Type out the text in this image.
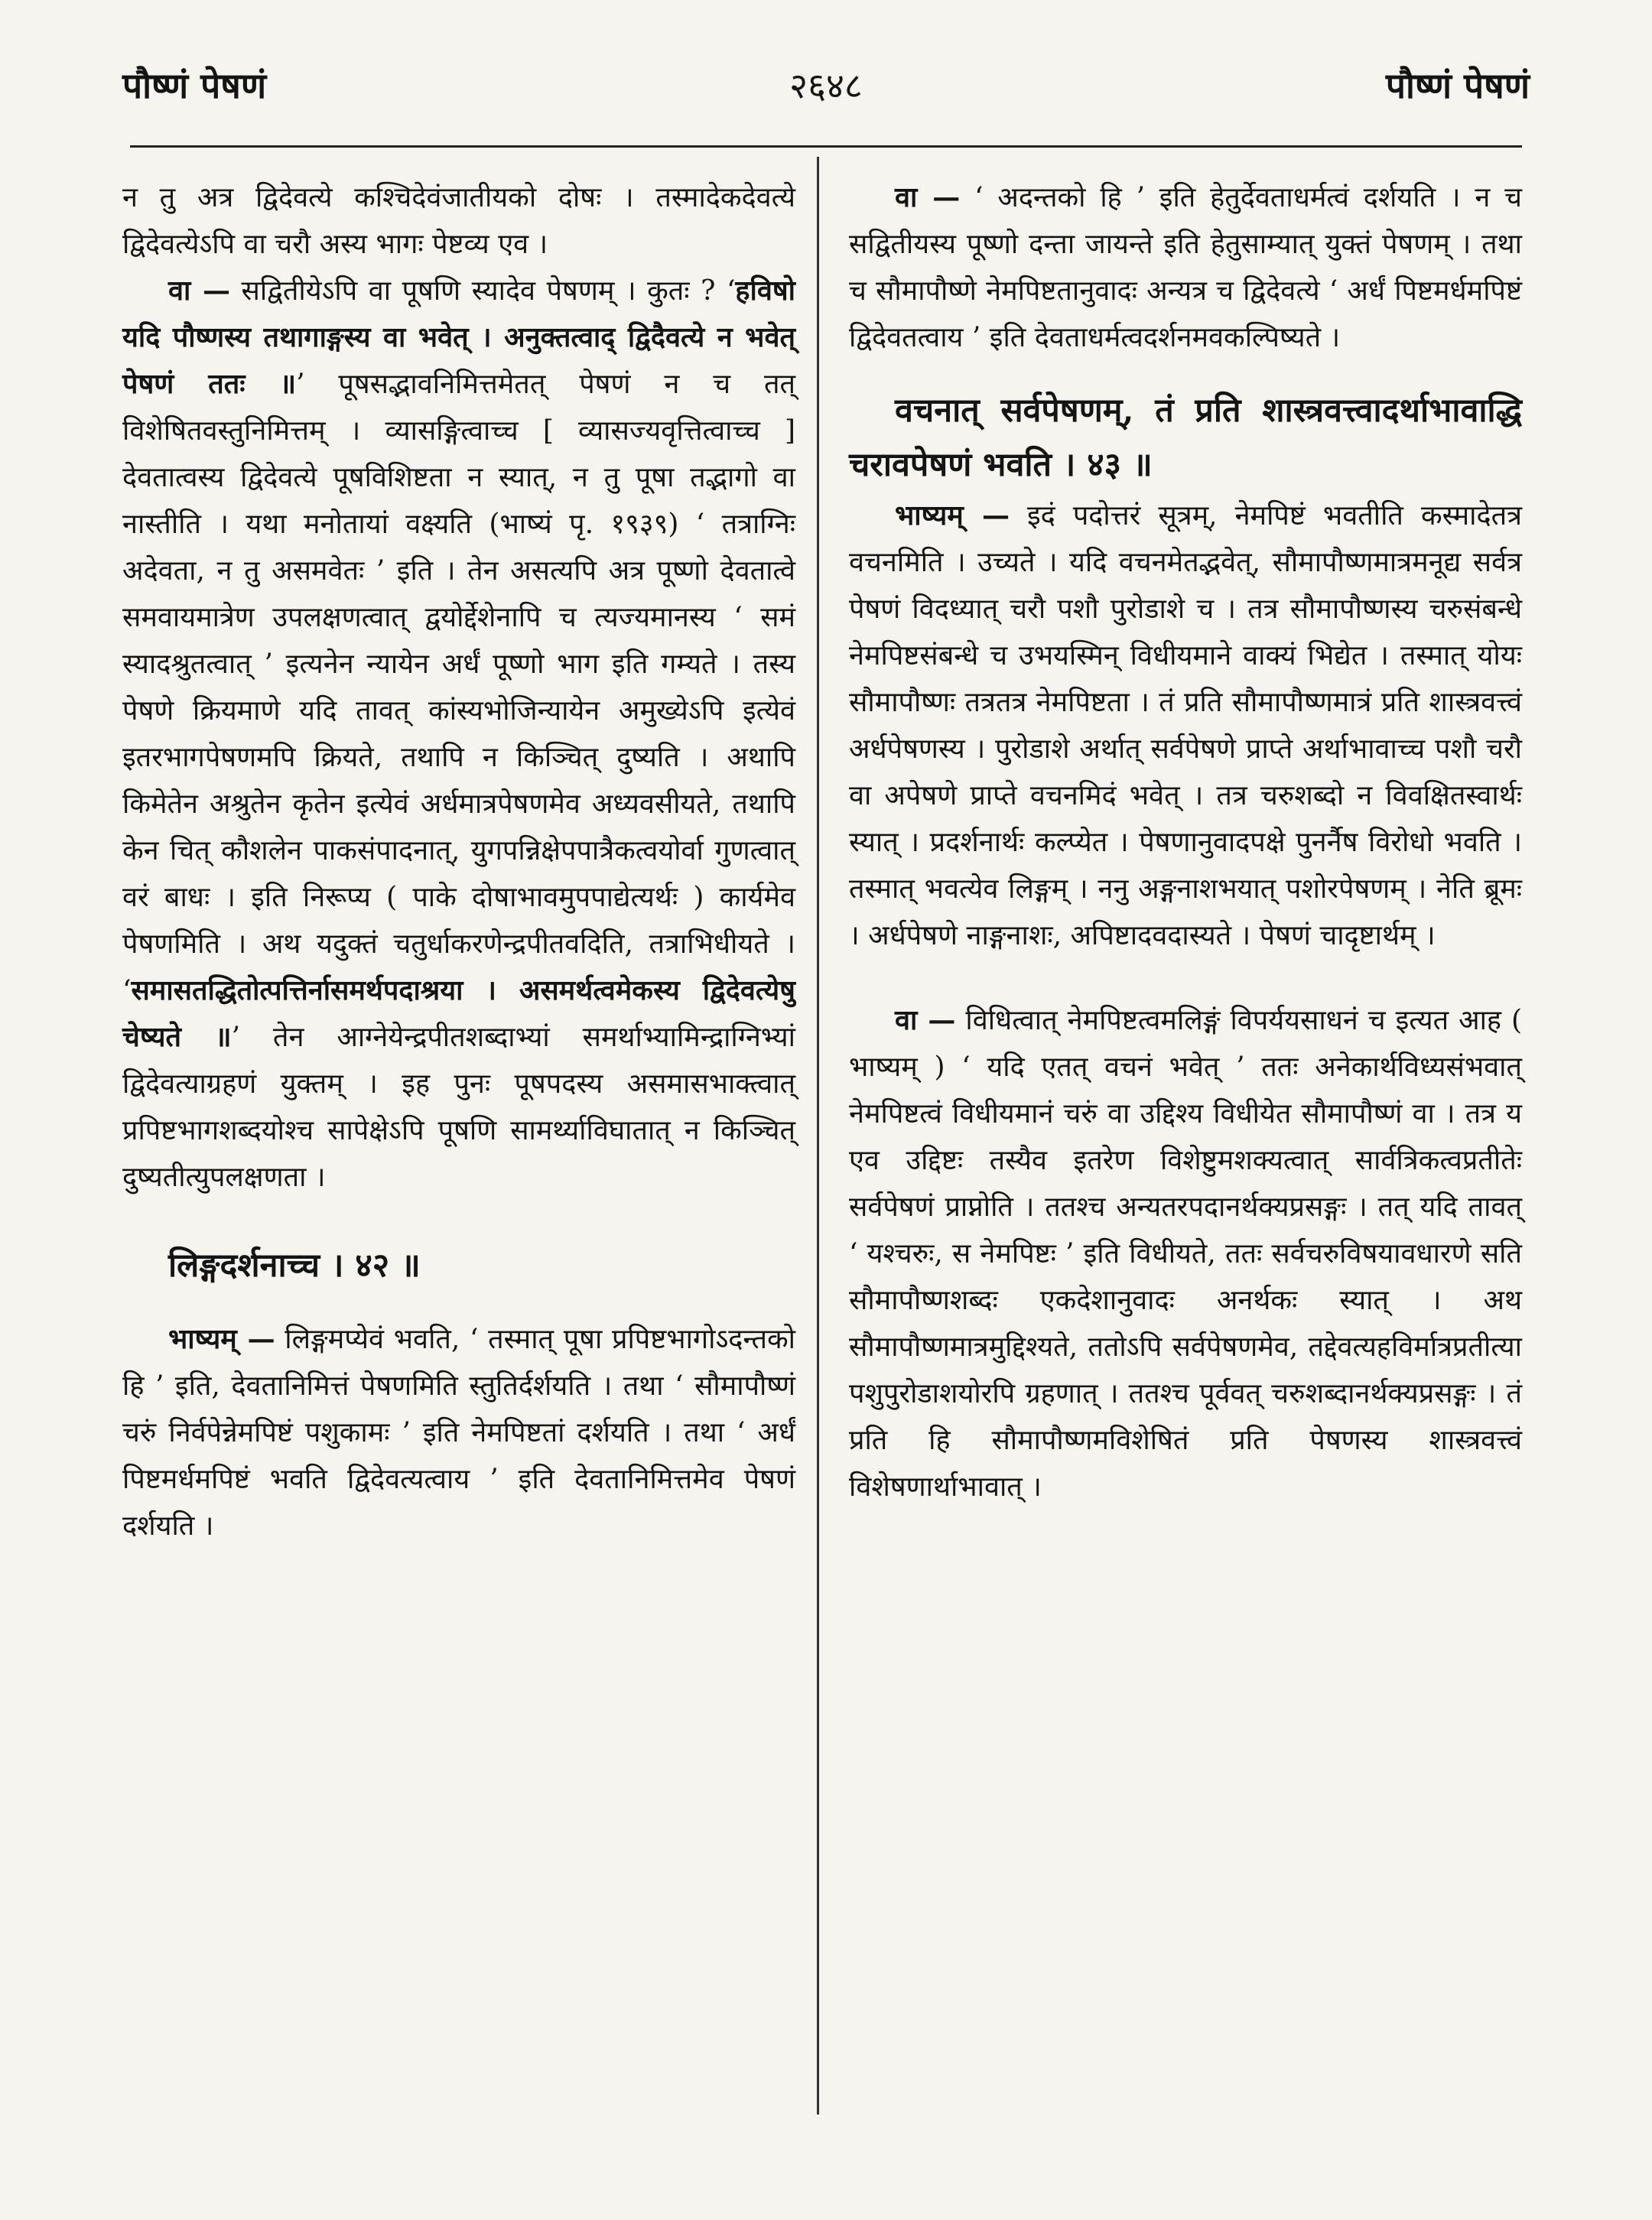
पौष्णं पेषणं	२६४८	पौष्णं पेषणं

न तु अत्र द्विदेवत्ये कश्चिदेवंजातीयको दोषः । तस्मादेकदेवत्ये द्विदेवत्येऽपि वा चरौ अस्य भागः पेष्टव्य एव ।

वा — सद्वितीयेऽपि वा पूषणि स्यादेव पेषणम् । कुतः ? ‘हविषो यदि पौष्णस्य तथागाङ्गस्य वा भवेत् । अनुक्तत्वाद् द्विदैवत्ये न भवेत् पेषणं ततः ॥’ पूषसद्भावनिमित्तमेतत् पेषणं न च तत् विशेषितवस्तुनिमित्तम् । व्यासङ्गित्वाच्च [ व्यासज्यवृत्तित्वाच्च ] देवतात्वस्य द्विदेवत्ये पूषविशिष्टता न स्यात्, न तु पूषा तद्भागो वा नास्तीति । यथा मनोतायां वक्ष्यति (भाष्यं पृ. १९३९) ‘ तत्राग्निः अदेवता, न तु असमवेतः ’ इति । तेन असत्यपि अत्र पूष्णो देवतात्वे समवायमात्रेण उपलक्षणत्वात् द्वयोर्द्देशेनापि च त्यज्यमानस्य ‘ समं स्यादश्रुतत्वात् ’ इत्यनेन न्यायेन अर्धं पूष्णो भाग इति गम्यते । तस्य पेषणे क्रियमाणे यदि तावत् कांस्यभोजिन्यायेन अमुख्येऽपि इत्येवं इतरभागपेषणमपि क्रियते, तथापि न किञ्चित् दुष्यति । अथापि किमेतेन अश्रुतेन कृतेन इत्येवं अर्धमात्रपेषणमेव अध्यवसीयते, तथापि केन चित् कौशलेन पाकसंपादनात्, युगपन्निक्षेपपात्रैकत्वयोर्वा गुणत्वात् वरं बाधः । इति निरूप्य ( पाके दोषाभावमुपपाद्येत्यर्थः ) कार्यमेव पेषणमिति । अथ यदुक्तं चतुर्धाकरणेन्द्रपीतवदिति, तत्राभिधीयते । ‘समासतद्धितोत्पत्तिर्नासमर्थपदाश्रया । असमर्थत्वमेकस्य द्विदेवत्येषु चेष्यते ॥’ तेन आग्नेयेन्द्रपीतशब्दाभ्यां समर्थाभ्यामिन्द्राग्निभ्यां द्विदेवत्याग्रहणं युक्तम् । इह पुनः पूषपदस्य असमासभाक्त्वात् प्रपिष्टभागशब्दयोश्च सापेक्षेऽपि पूषणि सामर्थ्याविघातात् न किञ्चित् दुष्यतीत्युपलक्षणता ।

लिङ्गदर्शनाच्च । ४२ ॥

भाष्यम् — लिङ्गमप्येवं भवति, ‘ तस्मात् पूषा प्रपिष्टभागोऽदन्तको हि ’ इति, देवतानिमित्तं पेषणमिति स्तुतिर्दर्शयति । तथा ‘ सौमापौष्णं चरुं निर्वपेन्नेमपिष्टं पशुकामः ’ इति नेमपिष्टतां दर्शयति । तथा ‘ अर्धं पिष्टमर्धमपिष्टं भवति द्विदेवत्यत्वाय ’ इति देवतानिमित्तमेव पेषणं दर्शयति ।

वा — ‘ अदन्तको हि ’ इति हेतुर्देवताधर्मत्वं दर्शयति । न च सद्वितीयस्य पूष्णो दन्ता जायन्ते इति हेतुसाम्यात् युक्तं पेषणम् । तथा च सौमापौष्णे नेमपिष्टतानुवादः अन्यत्र च द्विदेवत्ये ‘ अर्धं पिष्टमर्धमपिष्टं द्विदेवतत्वाय ’ इति देवताधर्मत्वदर्शनमवकल्पिष्यते ।

वचनात् सर्वपेषणम्, तं प्रति शास्त्रवत्त्वादर्थाभावाद्धि चरावपेषणं भवति । ४३ ॥

भाष्यम् — इदं पदोत्तरं सूत्रम्, नेमपिष्टं भवतीति कस्मादेतत्र वचनमिति । उच्यते । यदि वचनमेतद्भवेत्, सौमापौष्णमात्रमनूद्य सर्वत्र पेषणं विदध्यात् चरौ पशौ पुरोडाशे च । तत्र सौमापौष्णस्य चरुसंबन्धे नेमपिष्टसंबन्धे च उभयस्मिन् विधीयमाने वाक्यं भिद्येत । तस्मात् योयः सौमापौष्णः तत्रतत्र नेमपिष्टता । तं प्रति सौमापौष्णमात्रं प्रति शास्त्रवत्त्वं अर्धपेषणस्य । पुरोडाशे अर्थात् सर्वपेषणे प्राप्ते अर्थाभावाच्च पशौ चरौ वा अपेषणे प्राप्ते वचनमिदं भवेत् । तत्र चरुशब्दो न विवक्षितस्वार्थः स्यात् । प्रदर्शनार्थः कल्प्येत । पेषणानुवादपक्षे पुनर्नैष विरोधो भवति । तस्मात् भवत्येव लिङ्गम् । ननु अङ्गनाशभयात् पशोरपेषणम् । नेति ब्रूमः । अर्धपेषणे नाङ्गनाशः, अपिष्टादवदास्यते । पेषणं चादृष्टार्थम् ।

वा — विधित्वात् नेमपिष्टत्वमलिङ्गं विपर्ययसाधनं च इत्यत आह ( भाष्यम् ) ‘ यदि एतत् वचनं भवेत् ’ ततः अनेकार्थविध्यसंभवात् नेमपिष्टत्वं विधीयमानं चरुं वा उद्दिश्य विधीयेत सौमापौष्णं वा । तत्र य एव उद्दिष्टः तस्यैव इतरेण विशेष्टुमशक्यत्वात् सार्वत्रिकत्वप्रतीतेः सर्वपेषणं प्राप्नोति । ततश्च अन्यतरपदानर्थक्यप्रसङ्गः । तत् यदि तावत् ‘ यश्चरुः, स नेमपिष्टः ’ इति विधीयते, ततः सर्वचरुविषयावधारणे सति सौमापौष्णशब्दः एकदेशानुवादः अनर्थकः स्यात् । अथ सौमापौष्णमात्रमुद्दिश्यते, ततोऽपि सर्वपेषणमेव, तद्देवत्यहविर्मात्रप्रतीत्या पशुपुरोडाशयोरपि ग्रहणात् । ततश्च पूर्ववत् चरुशब्दानर्थक्यप्रसङ्गः । तं प्रति हि सौमापौष्णमविशेषितं प्रति पेषणस्य शास्त्रवत्त्वं विशेषणार्थाभावात् ।
